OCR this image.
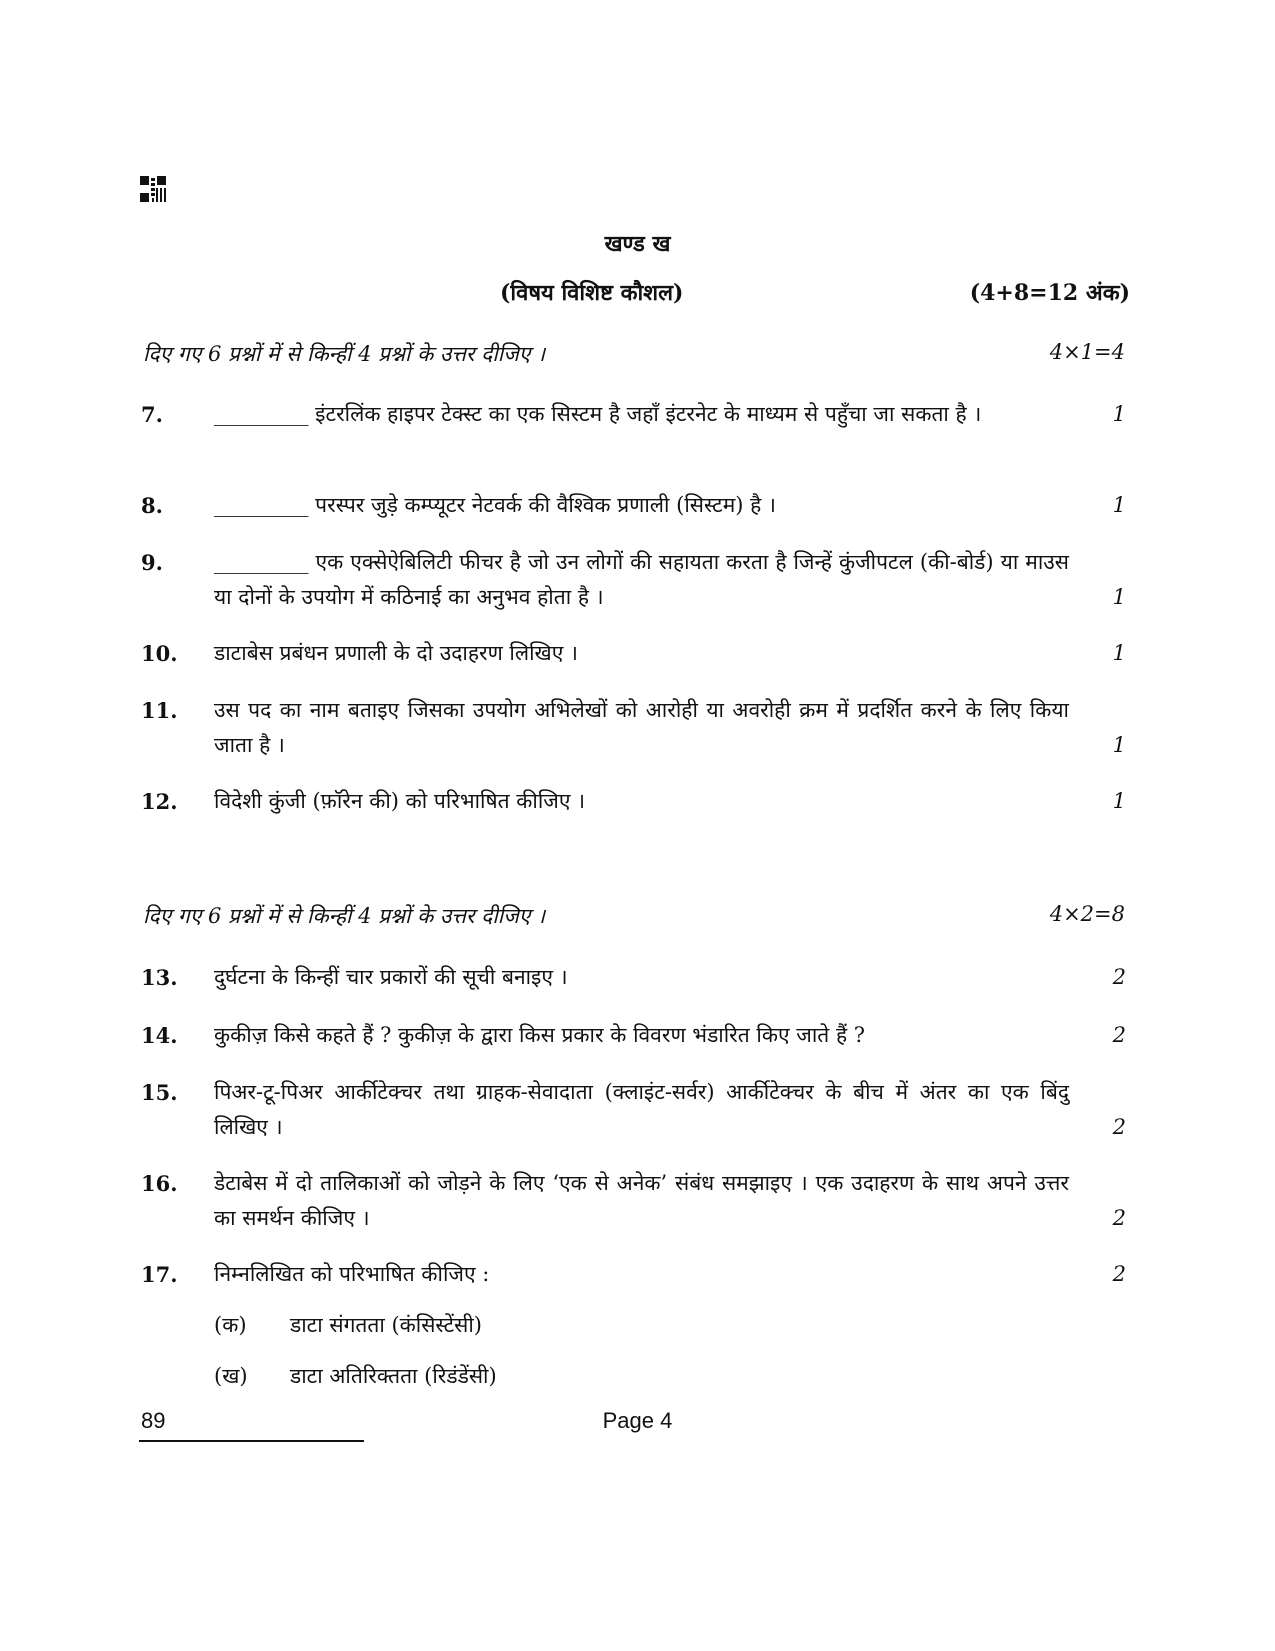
खण्ड ख
(विषय विशिष्ट कौशल)	(4+8=12 अंक)
दिए गए 6 प्रश्नों में से किन्हीं 4 प्रश्नों के उत्तर दीजिए ।	4×1=4
7. _________ इंटरलिंक हाइपर टेक्स्ट का एक सिस्टम है जहाँ इंटरनेट के माध्यम से पहुँचा जा सकता है ।	1
8. _________ परस्पर जुड़े कम्प्यूटर नेटवर्क की वैश्विक प्रणाली (सिस्टम) है ।	1
9. _________ एक एक्सेऐबिलिटी फीचर है जो उन लोगों की सहायता करता है जिन्हें कुंजीपटल (की-बोर्ड) या माउस या दोनों के उपयोग में कठिनाई का अनुभव होता है ।	1
10. डाटाबेस प्रबंधन प्रणाली के दो उदाहरण लिखिए ।	1
11. उस पद का नाम बताइए जिसका उपयोग अभिलेखों को आरोही या अवरोही क्रम में प्रदर्शित करने के लिए किया जाता है ।	1
12. विदेशी कुंजी (फ़ॉरेन की) को परिभाषित कीजिए ।	1
दिए गए 6 प्रश्नों में से किन्हीं 4 प्रश्नों के उत्तर दीजिए ।	4×2=8
13. दुर्घटना के किन्हीं चार प्रकारों की सूची बनाइए ।	2
14. कुकीज़ किसे कहते हैं ? कुकीज़ के द्वारा किस प्रकार के विवरण भंडारित किए जाते हैं ?	2
15. पिअर-टू-पिअर आर्कीटेक्चर तथा ग्राहक-सेवादाता (क्लाइंट-सर्वर) आर्कीटेक्चर के बीच में अंतर का एक बिंदु लिखिए ।	2
16. डेटाबेस में दो तालिकाओं को जोड़ने के लिए ‘एक से अनेक’ संबंध समझाइए । एक उदाहरण के साथ अपने उत्तर का समर्थन कीजिए ।	2
17. निम्नलिखित को परिभाषित कीजिए :	2
(क) डाटा संगतता (कंसिस्टेंसी)
(ख) डाटा अतिरिक्तता (रिडंडेंसी)
89	Page 4
